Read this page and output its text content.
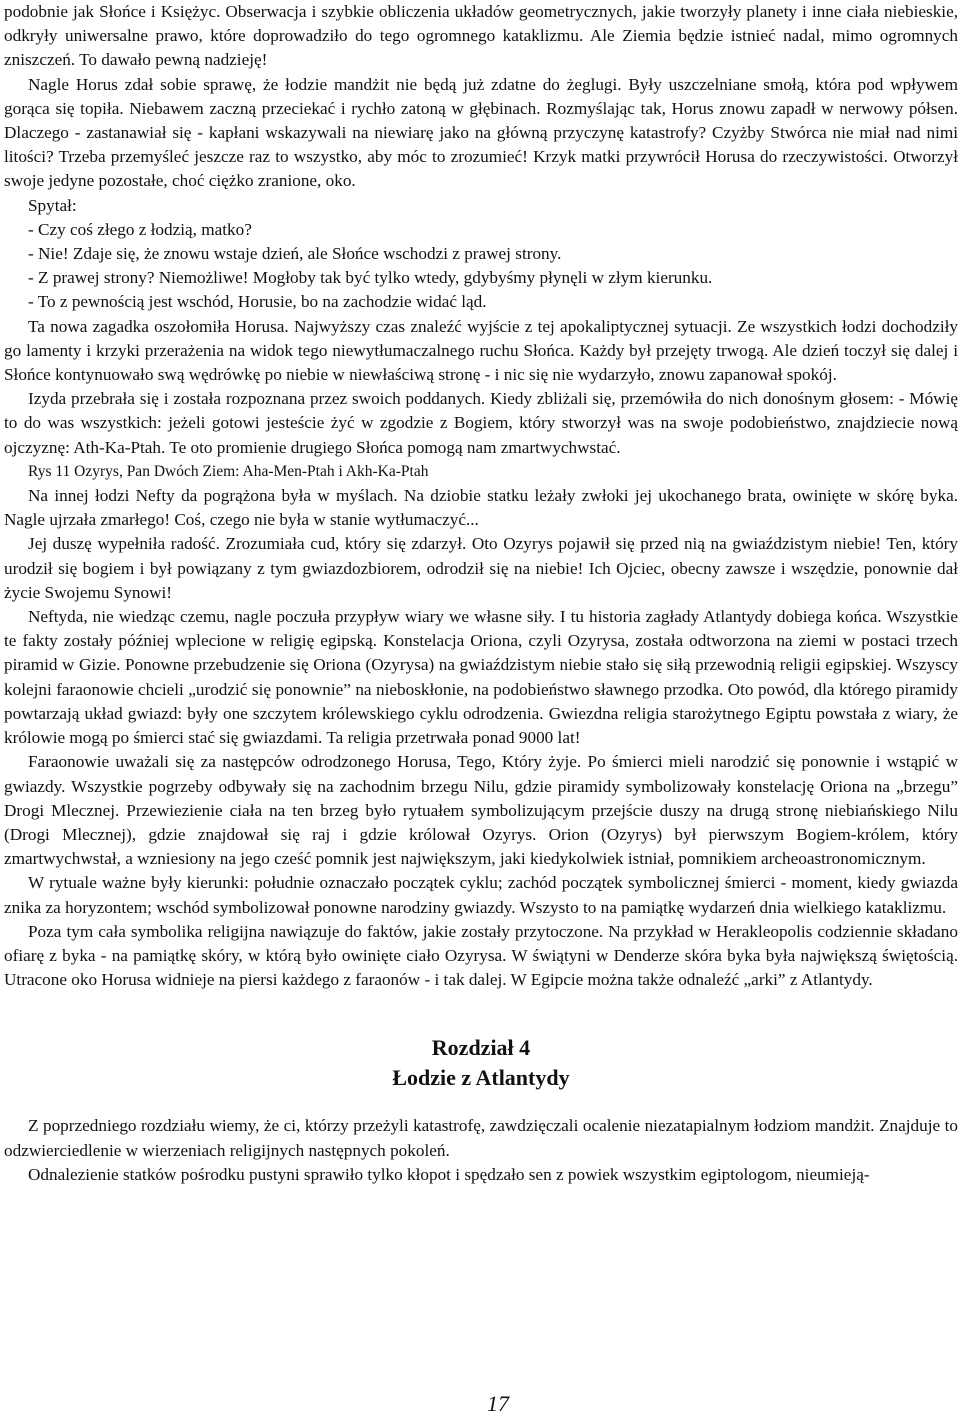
podobnie jak Słońce i Księżyc. Obserwacja i szybkie obliczenia układów geometrycznych, jakie tworzyły planety i inne ciała niebieskie, odkryły uniwersalne prawo, które doprowadziło do tego ogromnego kataklizmu. Ale Ziemia będzie istnieć nadal, mimo ogromnych zniszczeń. To dawało pewną nadzieję!

Nagle Horus zdał sobie sprawę, że łodzie mandżit nie będą już zdatne do żeglugi. Były uszczelniane smołą, która pod wpływem gorąca się topiła. Niebawem zaczną przeciekać i rychło zatoną w głębinach. Rozmyślając tak, Horus znowu zapadł w nerwowy półsen. Dlaczego - zastanawiał się - kapłani wskazywali na niewiarę jako na główną przyczynę katastrofy? Czyżby Stwórca nie miał nad nimi litości? Trzeba przemyśleć jeszcze raz to wszystko, aby móc to zrozumieć! Krzyk matki przywrócił Horusa do rzeczywistości. Otworzył swoje jedyne pozostałe, choć ciężko zranione, oko.

Spytał:

- Czy coś złego z łodzią, matko?

- Nie! Zdaje się, że znowu wstaje dzień, ale Słońce wschodzi z prawej strony.

- Z prawej strony? Niemożliwe! Mogłoby tak być tylko wtedy, gdybyśmy płynęli w złym kierunku.

- To z pewnością jest wschód, Horusie, bo na zachodzie widać ląd.

Ta nowa zagadka oszołomiła Horusa. Najwyższy czas znaleźć wyjście z tej apokaliptycznej sytuacji. Ze wszystkich łodzi dochodziły go lamenty i krzyki przerażenia na widok tego niewytłumaczalnego ruchu Słońca. Każdy był przejęty trwogą. Ale dzień toczył się dalej i Słońce kontynuowało swą wędrówkę po niebie w niewłaściwą stronę - i nic się nie wydarzyło, znowu zapanował spokój.

Izyda przebrała się i została rozpoznana przez swoich poddanych. Kiedy zbliżali się, przemówiła do nich donośnym głosem: - Mówię to do was wszystkich: jeżeli gotowi jesteście żyć w zgodzie z Bogiem, który stworzył was na swoje podobieństwo, znajdziecie nową ojczyznę: Ath-Ka-Ptah. Te oto promienie drugiego Słońca pomogą nam zmartwychwstać.

Rys 11 Ozyrys, Pan Dwóch Ziem: Aha-Men-Ptah i Akh-Ka-Ptah

Na innej łodzi Nefty da pogrążona była w myślach. Na dziobie statku leżały zwłoki jej ukochanego brata, owinięte w skórę byka. Nagle ujrzała zmarłego! Coś, czego nie była w stanie wytłumaczyć...

Jej duszę wypełniła radość. Zrozumiała cud, który się zdarzył. Oto Ozyrys pojawił się przed nią na gwiaździstym niebie! Ten, który urodził się bogiem i był powiązany z tym gwiazdozbiorem, odrodził się na niebie! Ich Ojciec, obecny zawsze i wszędzie, ponownie dał życie Swojemu Synowi!

Neftyda, nie wiedząc czemu, nagle poczuła przypływ wiary we własne siły. I tu historia zagłady Atlantydy dobiega końca. Wszystkie te fakty zostały później wplecione w religię egipską. Konstelacja Oriona, czyli Ozyrysa, została odtworzona na ziemi w postaci trzech piramid w Gizie. Ponowne przebudzenie się Oriona (Ozyrysa) na gwiaździstym niebie stało się siłą przewodnią religii egipskiej. Wszyscy kolejni faraonowie chcieli „urodzić się ponownie” na nieboskłonie, na podobieństwo sławnego przodka. Oto powód, dla którego piramidy powtarzają układ gwiazd: były one szczytem królewskiego cyklu odrodzenia. Gwiezdna religia starożytnego Egiptu powstała z wiary, że królowie mogą po śmierci stać się gwiazdami. Ta religia przetrwała ponad 9000 lat!

Faraonowie uważali się za następców odrodzonego Horusa, Tego, Który żyje. Po śmierci mieli narodzić się ponownie i wstąpić w gwiazdy. Wszystkie pogrzeby odbywały się na zachodnim brzegu Nilu, gdzie piramidy symbolizowały konstelację Oriona na „brzegu” Drogi Mlecznej. Przewiezienie ciała na ten brzeg było rytuałem symbolizującym przejście duszy na drugą stronę niebiańskiego Nilu (Drogi Mlecznej), gdzie znajdował się raj i gdzie królował Ozyrys. Orion (Ozyrys) był pierwszym Bogiem-królem, który zmartwychwstał, a wzniesiony na jego cześć pomnik jest największym, jaki kiedykolwiek istniał, pomnikiem archeoastronomicznym.

W rytuale ważne były kierunki: południe oznaczało początek cyklu; zachód początek symbolicznej śmierci - moment, kiedy gwiazda znika za horyzontem; wschód symbolizował ponowne narodziny gwiazdy. Wszysto to na pamiątkę wydarzeń dnia wielkiego kataklizmu.

Poza tym cała symbolika religijna nawiązuje do faktów, jakie zostały przytoczone. Na przykład w Herakleopolis codziennie składano ofiarę z byka - na pamiątkę skóry, w którą było owinięte ciało Ozyrysa. W świątyni w Denderze skóra byka była największą świętością. Utracone oko Horusa widnieje na piersi każdego z faraonów - i tak dalej. W Egipcie można także odnaleźć „arki” z Atlantydy.

Rozdział 4
Łodzie z Atlantydy

Z poprzedniego rozdziału wiemy, że ci, którzy przeżyli katastrofę, zawdzięczali ocalenie niezatapialnym łodziom mandżit. Znajduje to odzwierciedlenie w wierzeniach religijnych następnych pokoleń.

Odnalezienie statków pośrodku pustyni sprawiło tylko kłopot i spędzało sen z powiek wszystkim egiptologom, nieumieją-

17
